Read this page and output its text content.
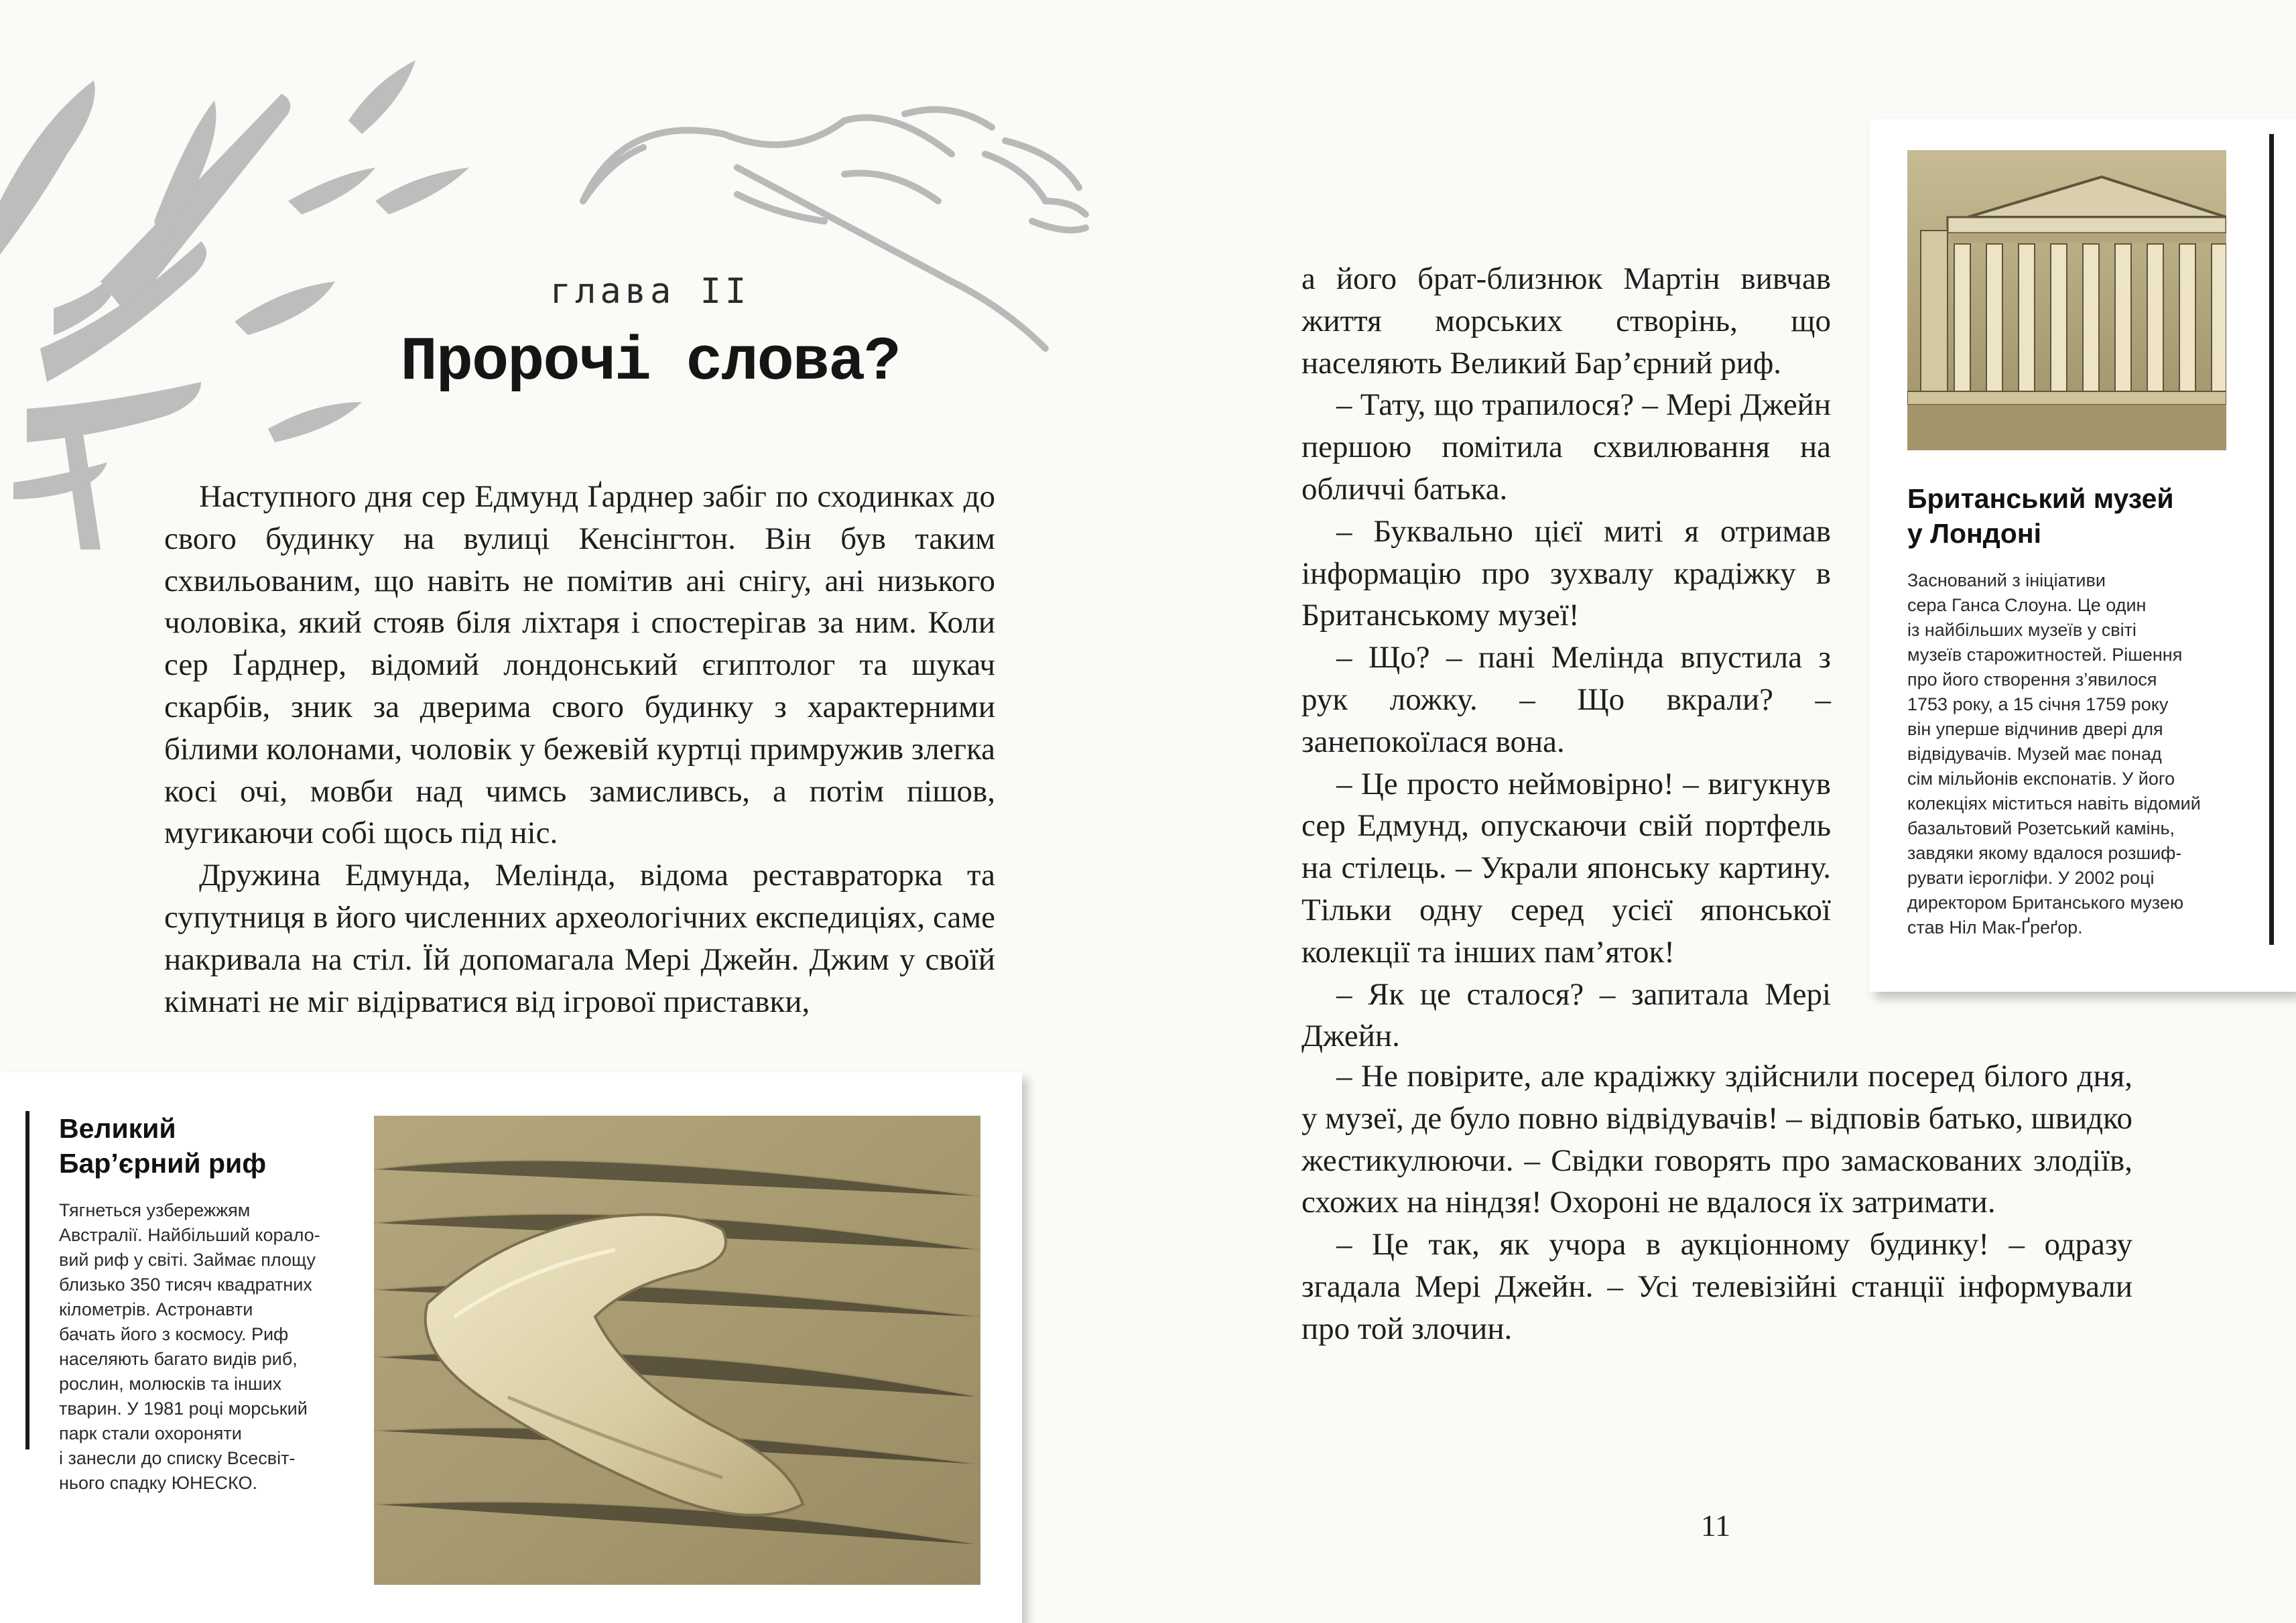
глава ІІ
Пророчі слова?

Наступного дня сер Едмунд Ґарднер забіг по сходинках до свого будинку на вулиці Кенсінгтон. Він був таким схвильованим, що навіть не помітив ані снігу, ані низького чоловіка, який стояв біля ліхтаря і спостерігав за ним. Коли сер Ґарднер, відомий лондонський єгиптолог та шукач скарбів, зник за дверима свого будинку з характерними білими колонами, чоловік у бежевій куртці примружив злегка косі очі, мовби над чимсь замисливсь, а потім пішов, мугикаючи собі щось під ніс.

Дружина Едмунда, Мелінда, відома реставраторка та супутниця в його численних археологічних експедиціях, саме накривала на стіл. Їй допомагала Мері Джейн. Джим у своїй кімнаті не міг відірватися від ігрової приставки,

а його брат-близнюк Мартін вивчав життя морських створінь, що населяють Великий Бар’єрний риф.

– Тату, що трапилося? – Мері Джейн першою помітила схвилювання на обличчі батька.

– Буквально цієї миті я отримав інформацію про зухвалу крадіжку в Британському музеї!

– Що? – пані Мелінда впустила з рук ложку. – Що вкрали? – занепокоїлася вона.

– Це просто неймовірно! – вигукнув сер Едмунд, опускаючи свій портфель на стілець. – Украли японську картину. Тільки одну серед усієї японської колекції та інших пам’яток!

– Як це сталося? – запитала Мері Джейн.

– Не повірите, але крадіжку здійснили посеред білого дня, у музеї, де було повно відвідувачів! – відповів батько, швидко жестикулюючи. – Свідки говорять про замаскованих злодіїв, схожих на ніндзя! Охороні не вдалося їх затримати.

– Це так, як учора в аукціонному будинку! – одразу згадала Мері Джейн. – Усі телевізійні станції інформували про той злочин.

Великий
Бар’єрний риф
Тягнеться узбережжям
Австралії. Найбільший корало-
вий риф у світі. Займає площу
близько 350 тисяч квадратних
кілометрів. Астронавти
бачать його з космосу. Риф
населяють багато видів риб,
рослин, молюсків та інших
тварин. У 1981 році морський
парк стали охороняти
і занесли до списку Всесвіт-
нього спадку ЮНЕСКО.
Британський музей
у Лондоні
Заснований з ініціативи
сера Ганса Слоуна. Це один
із найбільших музеїв у світі
музеїв старожитностей. Рішення
про його створення з’явилося
1753 року, а 15 січня 1759 року
він уперше відчинив двері для
відвідувачів. Музей має понад
сім мільйонів експонатів. У його
колекціях міститься навіть відомий
базальтовий Розетський камінь,
завдяки якому вдалося розшиф-
рувати ієрогліфи. У 2002 році
директором Британського музею
став Ніл Мак-Ґреґор.
11
